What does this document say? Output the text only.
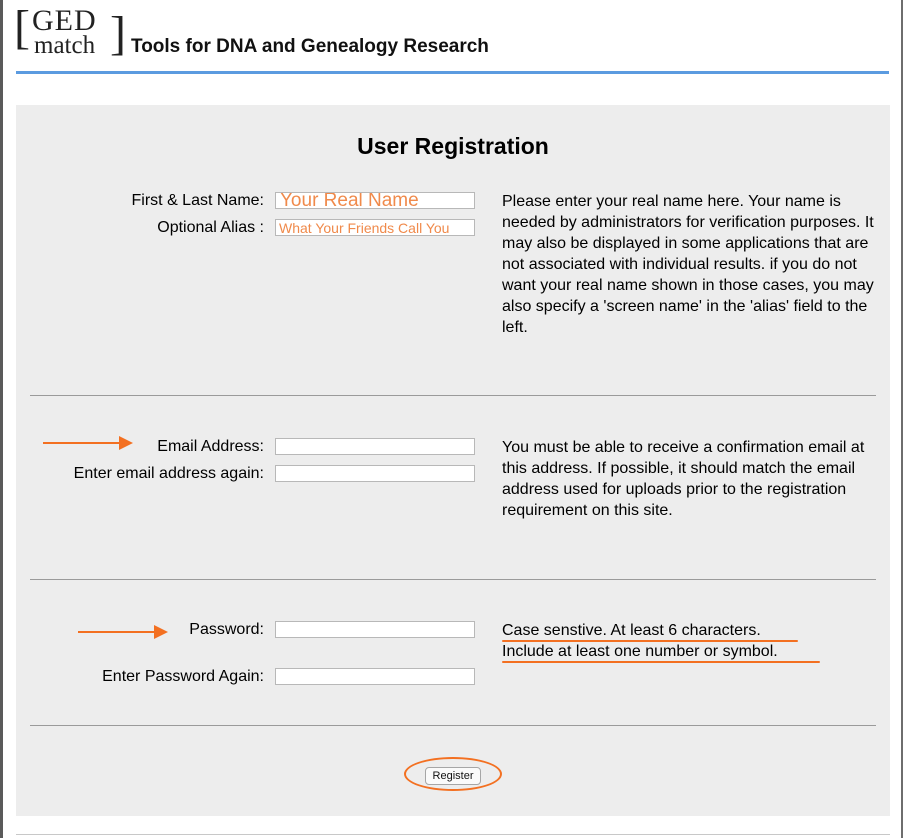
[ GED
match ] Tools for DNA and Genealogy Research
User Registration
First & Last Name:
Your Real Name
Optional Alias :
What Your Friends Call You
Please enter your real name here. Your name is needed by administrators for verification purposes. It may also be displayed in some applications that are not associated with individual results. if you do not want your real name shown in those cases, you may also specify a 'screen name' in the 'alias' field to the left.
Email Address:
Enter email address again:
You must be able to receive a confirmation email at this address. If possible, it should match the email address used for uploads prior to the registration requirement on this site.
Password:
Enter Password Again:
Case senstive. At least 6 characters.
Include at least one number or symbol.
Register
